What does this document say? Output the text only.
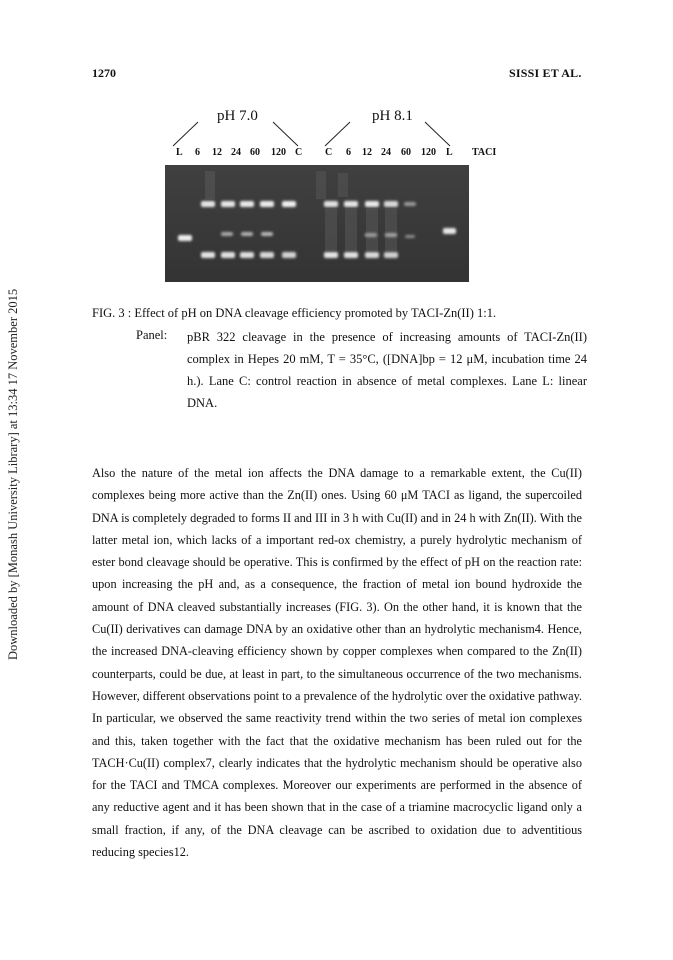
Downloaded by [Monash University Library] at 13:34 17 November 2015
1270	SISSI ET AL.
pH 7.0	pH 8.1
L 6 12 24 60 120 C C 6 12 24 60 120 L TACI
FIG. 3 : Effect of pH on DNA cleavage efficiency promoted by TACI-Zn(II) 1:1.
Panel: pBR 322 cleavage in the presence of increasing amounts of TACI-Zn(II) complex in Hepes 20 mM, T = 35°C, ([DNA]bp = 12 μM, incubation time 24 h.). Lane C: control reaction in absence of metal complexes. Lane L: linear DNA.

Also the nature of the metal ion affects the DNA damage to a remarkable extent, the Cu(II) complexes being more active than the Zn(II) ones. Using 60 μM TACI as ligand, the supercoiled DNA is completely degraded to forms II and III in 3 h with Cu(II) and in 24 h with Zn(II). With the latter metal ion, which lacks of a important red-ox chemistry, a purely hydrolytic mechanism of ester bond cleavage should be operative. This is confirmed by the effect of pH on the reaction rate: upon increasing the pH and, as a consequence, the fraction of metal ion bound hydroxide the amount of DNA cleaved substantially increases (FIG. 3). On the other hand, it is known that the Cu(II) derivatives can damage DNA by an oxidative other than an hydrolytic mechanism4. Hence, the increased DNA-cleaving efficiency shown by copper complexes when compared to the Zn(II) counterparts, could be due, at least in part, to the simultaneous occurrence of the two mechanisms. However, different observations point to a prevalence of the hydrolytic over the oxidative pathway. In particular, we observed the same reactivity trend within the two series of metal ion complexes and this, taken together with the fact that the oxidative mechanism has been ruled out for the TACH·Cu(II) complex7, clearly indicates that the hydrolytic mechanism should be operative also for the TACI and TMCA complexes. Moreover our experiments are performed in the absence of any reductive agent and it has been shown that in the case of a triamine macrocyclic ligand only a small fraction, if any, of the DNA cleavage can be ascribed to oxidation due to adventitious reducing species12.
